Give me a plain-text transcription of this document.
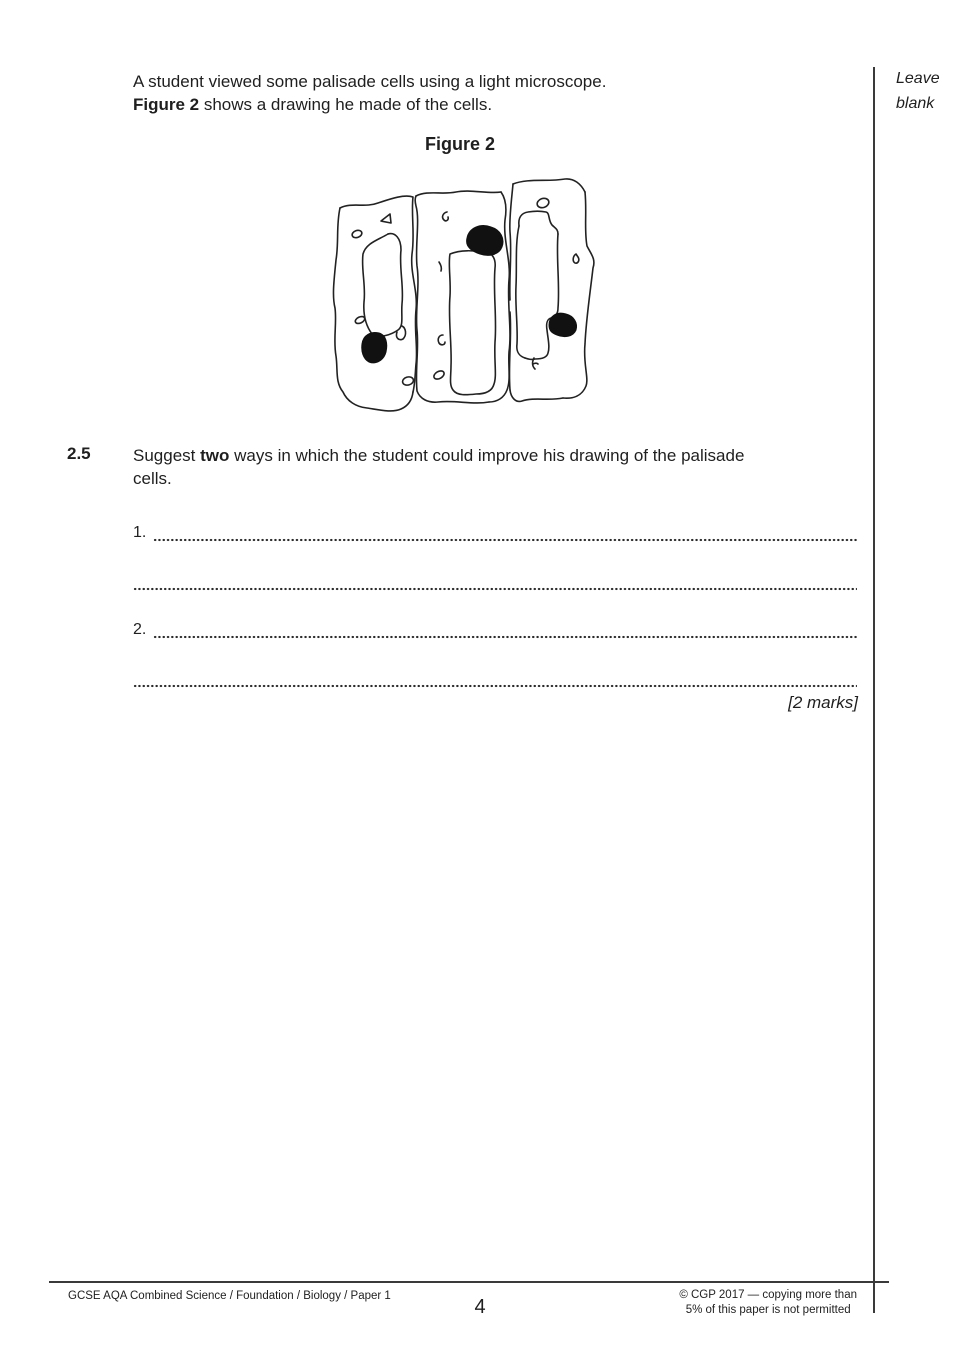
A student viewed some palisade cells using a light microscope.
Figure 2 shows a drawing he made of the cells.
Figure 2
2.5 Suggest two ways in which the student could improve his drawing of the palisade cells.
1.
2.
[2 marks]
Leave
blank
GCSE AQA Combined Science / Foundation / Biology / Paper 1	4
© CGP 2017 — copying more than
5% of this paper is not permitted
